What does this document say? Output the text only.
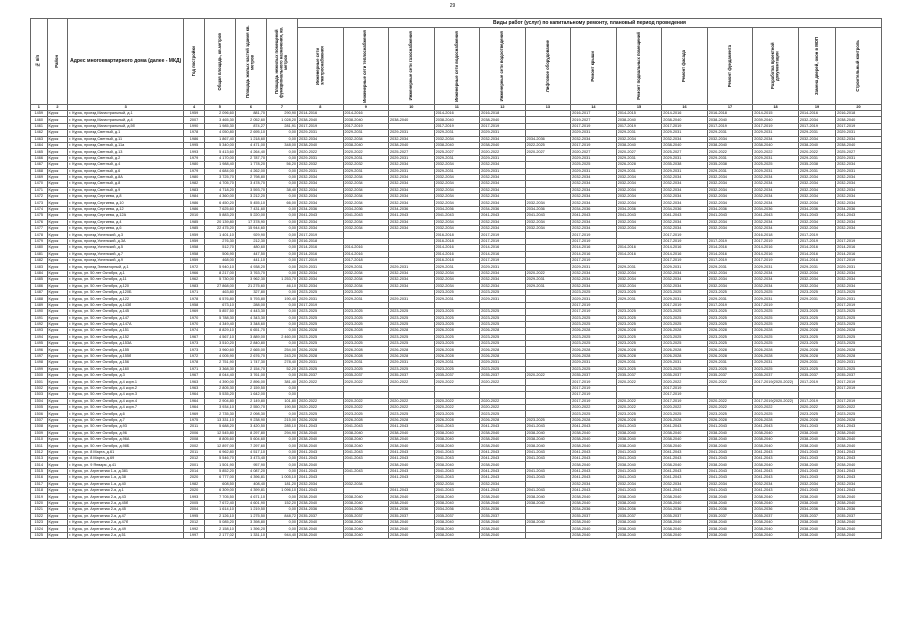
29
№ п/п	Район	Адрес многоквартирного дома (далее - МКД)	Год постройки	Общая площадь, кв.метров	Площадь жилых частей здания кв. метров	Площадь нежилых помещений функционального назначения, кв. метров	Виды работ (услуг) по капитальному ремонту, плановый период проведения												

							Инженерные сети электроснабжения	Инженерные сети теплоснабжения	Инженерные сети газоснабжения	Инженерные сети водоснабжения	Инженерные сети водоотведения	Лифтовое оборудование	Ремонт крыши	Ремонт подвальных помещений	Ремонт фасада	Ремонт фундамента	Разработка проектной документации	Замена дверей, окон в МОП	Строительный контроль

1	2	3	4	5	6	7	8	9	10	11	12	13	14	15	16	17	18	19	20
1459	Курск	г. Курск, проезд Магистральный, д.1	1959	2 096,60	881,70	290,90	2014-2016	2014-2016		2014-2016	2016-2018		2016-2017	2014-2015	2014-2016	2016-2018	2014-2015	2014-2016	2016-2018
1460	Курск	г. Курск, проезд Магистральный, д.4	2007	3 465,30	2 052,60	1 028,20	2038-2040	2038-2040	2038-2040	2038-2040	2038-2040		2019-2027	2038-2040	2038-2040	2038-2040	2039-2040	2032-2034	2038-2040
1461	Курск	г. Курск, проезд Магистральный, д.5б	1990	1 985,30	874,27	281,91	2017-2019	2017-2019		2017-2019	2017-2019		2017-2019	2017-2019	2017-2019	2017-2019	2017-2019	2017-2019	2017-2019
1462	Курск	г. Курск, проезд Светлый, д.1	1978	4 050,80	2 695,10	0,00	2029-2031	2029-2031	2029-2031	2029-2031	2029-2031		2029-2031	2029-2031	2029-2031	2029-2031	2029-2031	2029-2031	2029-2031
1463	Курск	г. Курск, проезд Светлый, д.11	1986	1 867,40	1 218,60	0,00	2032-2034	2032-2034	2032-2034	2032-2034	2032-2034	2034-2036	2032-2034	2032-2034	2032-2034	2032-2034	2032-2034	2032-2034	2032-2034
1464	Курск	г. Курск, проезд Светлый, д.11а	1995	5 340,00	4 471,00	348,00	2038-2040	2038-2040	2038-2040	2038-2040	2038-2040	2022-2025	2017-2019	2038-2040	2038-2040	2038-2040	2038-2040	2038-2040	2038-2040
1465	Курск	г. Курск, проезд Светлый, д.13	1993	5 413,60	4 264,40	0,00	2020-2022	2020-2022	2025-2027	2025-2027	2020-2022	2020-2027	2020-2027	2020-2027	2025-2027	2020-2022	2020-2022	2020-2022	2025-2027
1466	Курск	г. Курск, проезд Светлый, д.2	1979	4 170,00	2 787,70	0,00	2029-2031	2029-2031	2029-2031	2029-2031	2029-2031		2029-2031	2029-2031	2029-2031	2029-2031	2029-2031	2029-2031	2029-2031
1467	Курск	г. Курск, проезд Светлый, д.4	1980	1 988,40	1 778,20	56,20	2032-2032	2032-2032	2032-2034	2032-2034	2032-2034		2025-2025	2026-2028	2035-2038	2035-2038	2025-2025	2035-2038	2032-2034
1468	Курск	г. Курск, проезд Светлый, д.6	1979	4 684,00	4 262,00	0,00	2029-2031	2029-2031	2029-2031	2029-2031	2029-2031		2029-2031	2029-2031	2029-2031	2029-2031	2029-2031	2029-2031	2029-2031
1469	Курск	г. Курск, проезд Светлый, д.8А	1980	3 725,70	2 798,80	0,00	2032-2034	2032-2034	2032-2034	2032-2034	2032-2034		2032-2034	2032-2034	2032-2034	2032-2034	2032-2034	2032-2034	2032-2034
1470	Курск	г. Курск, проезд Светлый, д.8	1982	4 705,70	3 478,70	0,00	2032-2034	2032-2034	2032-2034	2032-2034	2032-2034		2032-2034	2032-2034	2032-2034	2032-2034	2032-2034	2032-2034	2032-2034
1471	Курск	г. Курск, проезд Светлый, д.9	1983	4 718,20	3 593,70	38,40	2032-2034	2032-2034	2032-2034	2032-2034	2032-2034		2032-2034	2032-2034	2032-2034	2032-2034	2032-2034	2032-2034	2032-2034
1472	Курск	г. Курск, проезд Сергиева, д.8	1984	4 360,00	3 212,20	0,00	2032-2034	2032-2034	2032-2034	2032-2034	2032-2034		2032-2034	2032-2034	2032-2034	2032-2034	2032-2034	2032-2034	2032-2034
1473	Курск	г. Курск, проезд Сергиева, д.10	1986	6 450,20	5 455,10	66,00	2032-2034	2032-2034	2032-2034	2032-2034	2032-2034	2032-2034	2032-2034	2032-2034	2032-2034	2032-2034	2032-2034	2032-2034	2032-2034
1474	Курск	г. Курск, проезд Сергиева, д.12	1986	7 625,60	7 431,60	0,00	2034-2036	2034-2036	2034-2036	2034-2036	2034-2036	2034-2036	2034-2036	2034-2036	2034-2036	2034-2036	2034-2036	2034-2036	2034-2036
1475	Курск	г. Курск, проезд Сергиева, д.12А	2010	5 883,20	5 220,00	0,00	2041-2043	2041-2043	2041-2043	2041-2043	2041-2043	2041-2043	2041-2043	2041-2043	2041-2043	2041-2043	2041-2043	2041-2043	2041-2043
1476	Курск	г. Курск, проезд Сергиева, д.4	1985	20 139,80	17 378,90	0,00	2032-2034	2032-2034	2032-2034	2032-2034	2032-2034	2032-2034	2032-2034	2032-2034	2032-2034	2032-2034	2032-2034	2032-2034	2032-2034
1477	Курск	г. Курск, проезд Сергиева, д.6	1985	22 475,20	15 944,60	0,00	2032-2034	2032-2034	2032-2034	2032-2034	2032-2034	2032-2034	2032-2034	2032-2034	2032-2034	2032-2034	2032-2034	2032-2034	2032-2034
1478	Курск	г. Курск, проезд Успенский, д.3	1959	1 401,10	929,90	0,00	2017-2019			2016-2018	2017-2019		2017-2019		2017-2019		2016-2018	2017-2019	
1479	Курск	г. Курск, проезд Успенский, д.3А	1959	276,30	212,30	0,00	2016-2018			2016-2018	2017-2019		2017-2019		2017-2019	2017-2019	2017-2019	2017-2019	2017-2019
1480	Курск	г. Курск, проезд Успенский, д.5	1958	512,70	480,60	0,00	2014-2016	2014-2016		2014-2016	2014-2016		2014-2016	2014-2016	2014-2016	2014-2016	2014-2016	2014-2016	2014-2016
1481	Курск	г. Курск, проезд Успенский, д.7	1958	506,90	447,50	0,00	2014-2016	2014-2016		2014-2016	2014-2016		2014-2016	2014-2016	2014-2016	2014-2016	2014-2016	2014-2016	2014-2016
1482	Курск	г. Курск, проезд Успенский, д.9	1959	468,00	441,10	0,00	2017-2019	2017-2018		2016-2018	2017-2019		2017-2019		2017-2019	2017-2019	2017-2019	2014-2016	2017-2019
1483	Курск	г. Курск, проезд Элеваторный, д.1	1972	5 940,10	4 938,20	0,00	2029-2031	2029-2031	2029-2031	2029-2031	2029-2031		2029-2031	2029-2031	2029-2031	2029-2031	2029-2031	2029-2031	2029-2031
1484	Курск	г. Курск, ул. 50 лет Октября, д.1	1966	8 217,00	3 763,70	0,00	2032-2034	2032-2034	2032-2034	2032-2034	2032-2034	2020-2022	2032-2034	2032-2034	2032-2034	2032-2034	2032-2034	2032-2034	2032-2034
1485	Курск	г. Курск, ул. 50 лет Октября, д.11	1962	5 730,00	3 962,30	1 253,70	2032-2034	2032-2034	2032-2034	2032-2034	2032-2034	2029-2031	2032-2034	2032-2034	2032-2034	2032-2034	2032-2034	2032-2034	2032-2034
1486	Курск	г. Курск, ул. 50 лет Октября, д.120	1983	27 868,00	21 275,60	46,10	2032-2034	2032-2034	2032-2034	2032-2034	2032-2034	2029-2031	2032-2034	2032-2034	2032-2034	2032-2034	2032-2034	2032-2034	2032-2034
1487	Курск	г. Курск, ул. 50 лет Октября, д.120Б	1971	463,80	327,80	0,00	2023-2025	2023-2025		2023-2025	2023-2025		2023-2025	2023-2025	2023-2025	2023-2025	2023-2025	2023-2025	2023-2025
1488	Курск	г. Курск, ул. 50 лет Октября, д.122	1978	6 576,80	5 793,80	190,40	2029-2031	2029-2031	2029-2031	2029-2031	2029-2031		2029-2031	2029-2031	2029-2031	2029-2031	2029-2031	2029-2031	2029-2031
1489	Курск	г. Курск, ул. 50 лет Октября, д.143б	1958	673,10	288,00	0,00	2017-2019						2017-2019		2017-2019	2017-2019	2017-2019		2017-2019
1490	Курск	г. Курск, ул. 50 лет Октября, д.145	1969	5 857,50	4 443,30	0,00	2023-2025	2023-2025	2023-2025	2023-2025	2023-2025		2017-2019	2023-2025	2023-2025	2023-2025	2023-2025	2023-2025	2023-2025
1491	Курск	г. Курск, ул. 50 лет Октября, д.147	1970	5 788,30	4 343,30	0,00	2023-2025	2023-2025	2023-2025	2023-2025	2023-2025		2023-2025	2023-2025	2023-2025	2023-2025	2023-2025	2023-2025	2023-2025
1492	Курск	г. Курск, ул. 50 лет Октября, д.147А	1970	4 349,40	3 348,60	0,00	2023-2025	2023-2025	2023-2025	2023-2025	2023-2025		2023-2025	2023-2025	2023-2025	2023-2025	2023-2025	2023-2025	2023-2025
1493	Курск	г. Курск, ул. 50 лет Октября, д.151	1974	8 829,10	6 651,70	0,00	2026-2028	2026-2028	2026-2028	2026-2028	2026-2028		2026-2028	2026-2028	2026-2028	2026-2028	2026-2028	2026-2028	2026-2028
1494	Курск	г. Курск, ул. 50 лет Октября, д.152	1967	4 567,10	3 889,00	2 460,00	2023-2025	2023-2025	2023-2025	2023-2025	2023-2025		2023-2025	2023-2025	2023-2025	2023-2025	2023-2025	2023-2025	2023-2025
1495	Курск	г. Курск, ул. 50 лет Октября, д.153А	1973	3 510,20	2 840,80	0,00	2023-2025	2023-2025	2023-2025	2023-2025	2023-2025		2023-2025	2023-2025	2023-2025	2023-2025	2023-2025	2023-2025	2023-2025
1496	Курск	г. Курск, ул. 50 лет Октября, д.155	1973	3 960,60	2 665,00	254,00	2026-2028	2026-2028	2026-2028	2026-2028	2026-2028		2026-2028	2026-2028	2026-2028	2026-2028	2026-2028	2026-2028	2026-2028
1497	Курск	г. Курск, ул. 50 лет Октября, д.155б	1972	4 005,90	2 676,70	243,20	2026-2028	2026-2028	2026-2028	2026-2028	2026-2028		2026-2028	2026-2028	2026-2028	2026-2028	2026-2028	2026-2028	2026-2028
1498	Курск	г. Курск, ул. 50 лет Октября, д.156	1978	2 751,90	1 747,30	278,40	2029-2031	2029-2031	2029-2031	2029-2031	2029-2031		2029-2031	2029-2031	2029-2031	2029-2031	2029-2031	2029-2031	2029-2031
1499	Курск	г. Курск, ул. 50 лет Октября, д.160	1971	3 368,30	2 154,70	52,20	2023-2025	2023-2025	2023-2025	2023-2025	2023-2025		2023-2025	2023-2025	2023-2025	2023-2025	2023-2025	2023-2025	2023-2025
1500	Курск	г. Курск, ул. 50 лет Октября, д.3	1967	8 044,40	3 761,00	0,00	2035-2037	2035-2037	2035-2037	2035-2037	2035-2037	2020-2022	2035-2037	2035-2037	2035-2037	2035-2037	2035-2037	2035-2037	2035-2037
1501	Курск	г. Курск, ул. 50 лет Октября, д.4 корп.1	1963	4 390,00	2 896,00	381,40	2020-2022	2020-2022	2020-2022	2020-2022	2020-2022		2017-2019	2020-2022	2020-2022	2020-2022	2017-2019(2020-2022)	2017-2019	2017-2019
1502	Курск	г. Курск, ул. 50 лет Октября, д.4 корп.2	1963	2 805,30	2 159,50	0,00							2017-2019		2017-2019				2017-2019
1503	Курск	г. Курск, ул. 50 лет Октября, д.4 корп.3	1964	5 535,20	1 642,00	0,00							2017-2019		2017-2019				
1504	Курск	г. Курск, ул. 50 лет Октября, д.4 корп.4	1964	2 904,80	2 149,80	101,80	2020-2022	2020-2022	2020-2022	2020-2022	2020-2022		2017-2019	2020-2022	2017-2019	2020-2022	2017-2019(2020-2022)	2017-2019	2017-2019
1505	Курск	г. Курск, ул. 50 лет Октября, д.4 корп.7	1964	3 934,10	2 550,70	190,50	2020-2022	2020-2022	2020-2022	2020-2022	2020-2022		2020-2022	2020-2022	2020-2022	2020-2022	2020-2022	2020-2022	2020-2022
1506	Курск	г. Курск, ул. 50 лет Октября, д.6	1969	2 735,30	2 098,30	0,00	2023-2025	2023-2025	2023-2025	2023-2025	2023-2025		2023-2025	2023-2025	2023-2025	2023-2025	2023-2025	2023-2025	2023-2025
1507	Курск	г. Курск, ул. 50 лет Октября, д.7	1975	13 331,10	9 238,90	215,00	2026-2028	2026-2028	2026-2028	2026-2028	2026-2028	2023-2025	2026-2028	2026-2028	2026-2028	2026-2028	2026-2028	2026-2028	2026-2028
1508	Курск	г. Курск, ул. 50 лет Октября, д.93	2011	5 688,20	3 420,50	285,10	2041-2043	2041-2043	2041-2043	2041-2043	2041-2043	2041-2043	2041-2043	2041-2043	2041-2043	2041-2043	2041-2043	2041-2043	2041-2043
1509	Курск	г. Курск, ул. 50 лет Октября, д.96	2006	12 545,80	8 297,80	294,90	2038-2040	2038-2040	2038-2040	2038-2040	2038-2040	2038-2040	2038-2040	2038-2040	2038-2040	2038-2040	2038-2040	2038-2040	2038-2040
1510	Курск	г. Курск, ул. 50 лет Октября, д.96А	2008	8 805,60	5 604,60	0,00	2038-2040	2038-2040	2038-2040	2038-2040	2038-2040	2038-2040	2038-2040	2038-2040	2038-2040	2038-2040	2038-2040	2038-2040	2038-2040
1511	Курск	г. Курск, ул. 50 лет Октября, д.98Б	2002	12 897,00	7 297,60	0,00	2038-2040	2038-2040	2038-2040	2038-2040	2038-2040	2038-2040	2038-2040	2038-2040	2038-2040	2038-2040	2038-2040	2038-2040	2038-2040
1512	Курск	г. Курск, ул. 8 Марта, д.61	2011	6 962,80	4 517,10	0,00	2041-2043	2041-2043	2041-2043	2041-2043	2041-2043	2041-2043	2041-2043	2041-2043	2041-2043	2041-2043	2041-2043	2041-2043	2041-2043
1513	Курск	г. Курск, ул. 8 Марта, д.69	2012	5 546,70	3 473,40	0,00	2041-2043	2041-2043	2041-2043	2041-2043	2041-2043	2041-2043	2041-2043	2041-2043	2041-2043	2041-2043	2041-2043	2041-2043	2041-2043
1514	Курск	г. Курск, ул. 9 Января, д.41	2001	1 501,90	957,90	0,00	2038-2040		2038-2040	2038-2040	2038-2040		2038-2040	2038-2040	2038-2040	2038-2040	2038-2040	2038-2040	2038-2040
1515	Курск	г. Курск, ул. Агрегатная 1-я, д.381	2014	5 852,20	4 087,20	0,00	2041-2043	2041-2043	2041-2043	2041-2043	2041-2043	2041-2043	2041-2043	2041-2043	2041-2043	2041-2043	2041-2043	2041-2043	2041-2043
1516	Курск	г. Курск, ул. Агрегатная 1-я, д.38	2020	6 777,00	4 396,81	1 005,10	2041-2043		2041-2043	2041-2043	2041-2043	2041-2043	2041-2043	2041-2043	2041-2043	2041-2043	2041-2043	2041-2043	2041-2043
1517	Курск	г. Курск, ул. Агрегатная 1-я, д.40	1982	608,50	408,40	181,20	2032-2034	2032-2034		2032-2034	2032-2034		2032-2034	2032-2034	2032-2034	2032-2034	2032-2034	2032-2034	2032-2034
1518	Курск	г. Курск, ул. Агрегатная 2-я, д.1	2020	6 309,00	4 399,81	1 096,10	2041-2043		2041-2043	2041-2043	2041-2043	2041-2043	2041-2043	2041-2043	2041-2043	2041-2043	2041-2043	2041-2043	2041-2043
1519	Курск	г. Курск, ул. Агрегатная 2-я, д.43	1993	7 705,50	4 671,10	0,00	2038-2040	2038-2040	2038-2040	2038-2040	2038-2040	2038-2040	2038-2040	2038-2040	2038-2040	2038-2040	2038-2040	2038-2040	2038-2040
1520	Курск	г. Курск, ул. Агрегатная 2-я, д.45б	2005	7 672,40	4 601,90	152,20	2038-2040	2038-2040	2038-2040	2038-2040	2038-2040	2038-2040	2038-2040	2038-2040	2038-2040	2038-2040	2038-2040	2038-2040	2038-2040
1521	Курск	г. Курск, ул. Агрегатная 2-я, д.45	2004	1 614,10	1 219,50	0,00	2034-2036	2034-2036	2034-2036	2034-2036	2034-2036		2034-2036	2034-2036	2034-2036	2034-2036	2034-2036	2034-2036	2034-2036
1522	Курск	г. Курск, ул. Агрегатная 2-я, д.47	1995	2 126,10	1 275,50	848,72	2035-2037	2035-2037	2035-2037	2035-2037	2035-2037		2035-2037	2035-2037	2035-2037	2035-2037	2035-2037	2035-2037	2035-2037
1523	Курск	г. Курск, ул. Агрегатная 2-я, д.47б	2012	5 085,20	3 398,80	0,00	2038-2040	2038-2040	2038-2040	2038-2040	2038-2040	2038-2040	2038-2040	2038-2040	2038-2040	2038-2040	2038-2040	2038-2040	2038-2040
1524	Курск	г. Курск, ул. Агрегатная 2-я, д.49	1992	2 158,10	1 396,20	0,00	2038-2040	2038-2040	2038-2040	2038-2040	2038-2040		2038-2040	2038-2040	2038-2040	2038-2040	2038-2040	2038-2040	2038-2040
1525	Курск	г. Курск, ул. Агрегатная 2-я, д.51	1997	2 177,02	1 331,10	944,40	2038-2040	2038-2040	2038-2040	2038-2040	2038-2040		2038-2040	2038-2040	2038-2040	2038-2040	2038-2040	2038-2040	2038-2040
